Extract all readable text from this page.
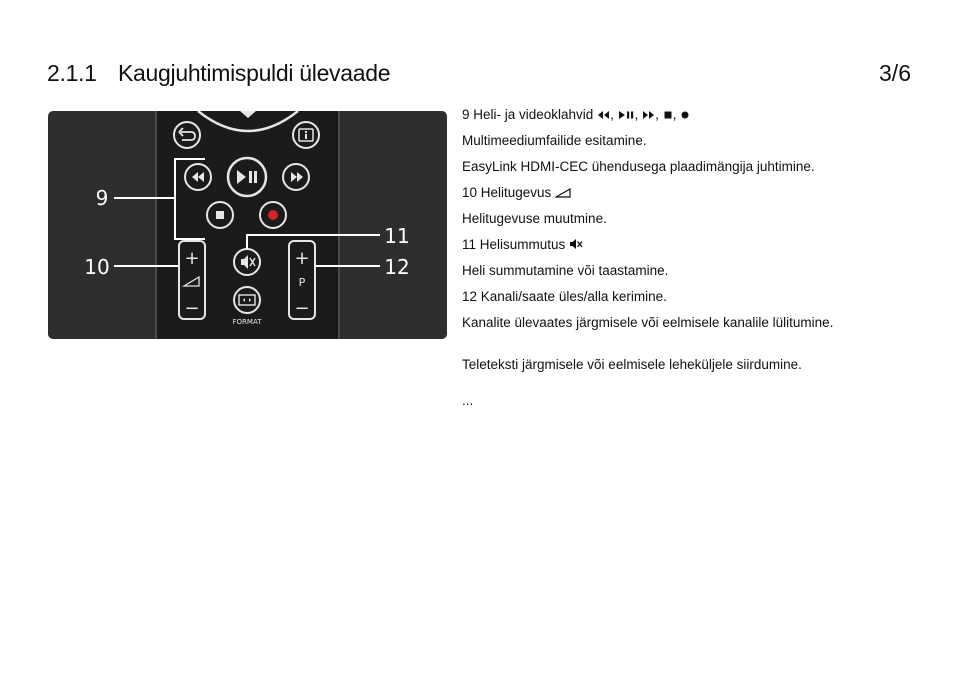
2.1.1 Kaugjuhtimispuldi ülevaade	3/6
+
−
+
P
−
FORMAT
9
10
11
12

9 Heli- ja videoklahvid , , , ,

Multimeediumfailide esitamine.

EasyLink HDMI-CEC ühendusega plaadimängija juhtimine.

10 Helitugevus

Helitugevuse muutmine.

11 Helisummutus

Heli summutamine või taastamine.

12 Kanali/saate üles/alla kerimine.

Kanalite ülevaates järgmisele või eelmisele kanalile lülitumine.

Teleteksti järgmisele või eelmisele leheküljele siirdumine.

...
